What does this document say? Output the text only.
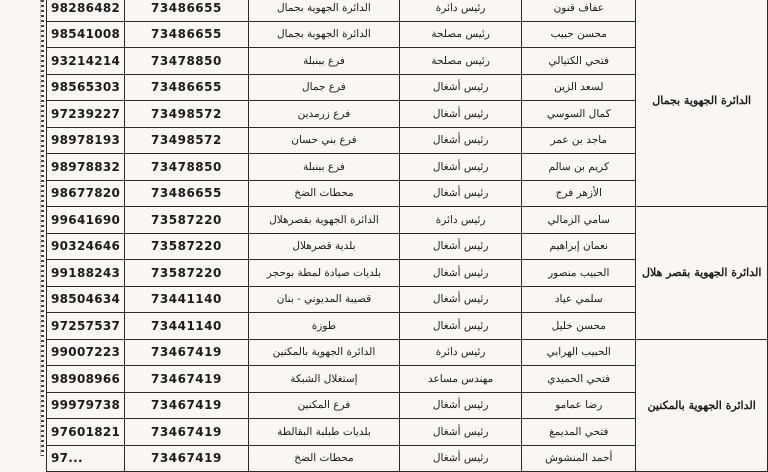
98286482	73486655	الدائرة الجهوية بجمال	رئيس دائرة	عفاف قنون	الدائرة الجهوية بجمال
98541008	73486655	الدائرة الجهوية بجمال	رئيس مصلحة	محسن حبيب	
93214214	73478850	فرع ببنبلة	رئيس مصلحة	فتحي الكتيالي	
98565303	73486655	فرع جمال	رئيس أشغال	لسعد الزين	
97239227	73498572	فرع زرمدين	رئيس أشغال	كمال السوسي	
98978193	73498572	فرع بني حسان	رئيس أشغال	ماجد بن عمر	
98978832	73478850	فرع ببنبلة	رئيس أشغال	كريم بن سالم	
98677820	73486655	محطات الضخ	رئيس أشغال	الأزهر فرج	
99641690	73587220	الدائرة الجهوية بقصرهلال	رئيس دائرة	سامي الزمالي	الدائرة الجهوية بقصر هلال
90324646	73587220	بلدية قصرهلال	رئيس أشغال	نعمان إبراهيم	
99188243	73587220	بلديات صيادة لمطة بوحجر	رئيس أشغال	الحبيب منصور	
98504634	73441140	قصيبة المديوني - بنان	رئيس أشغال	سلمي عياد	
97257537	73441140	طوزة	رئيس أشغال	محسن خليل	
99007223	73467419	الدائرة الجهوية بالمكنين	رئيس دائرة	الحبيب الهرابي	الدائرة الجهوية بالمكنين
98908966	73467419	إستغلال الشبكة	مهندس مساعد	فتحي الحميدي	
99979738	73467419	فرع المكنين	رئيس أشغال	رضا عمامو	
97601821	73467419	بلديات طبلبة البقالطة	رئيس أشغال	فتحي المديمغ	
97...	73467419	محطات الضخ	رئيس أشغال	أحمد المنشوش	
